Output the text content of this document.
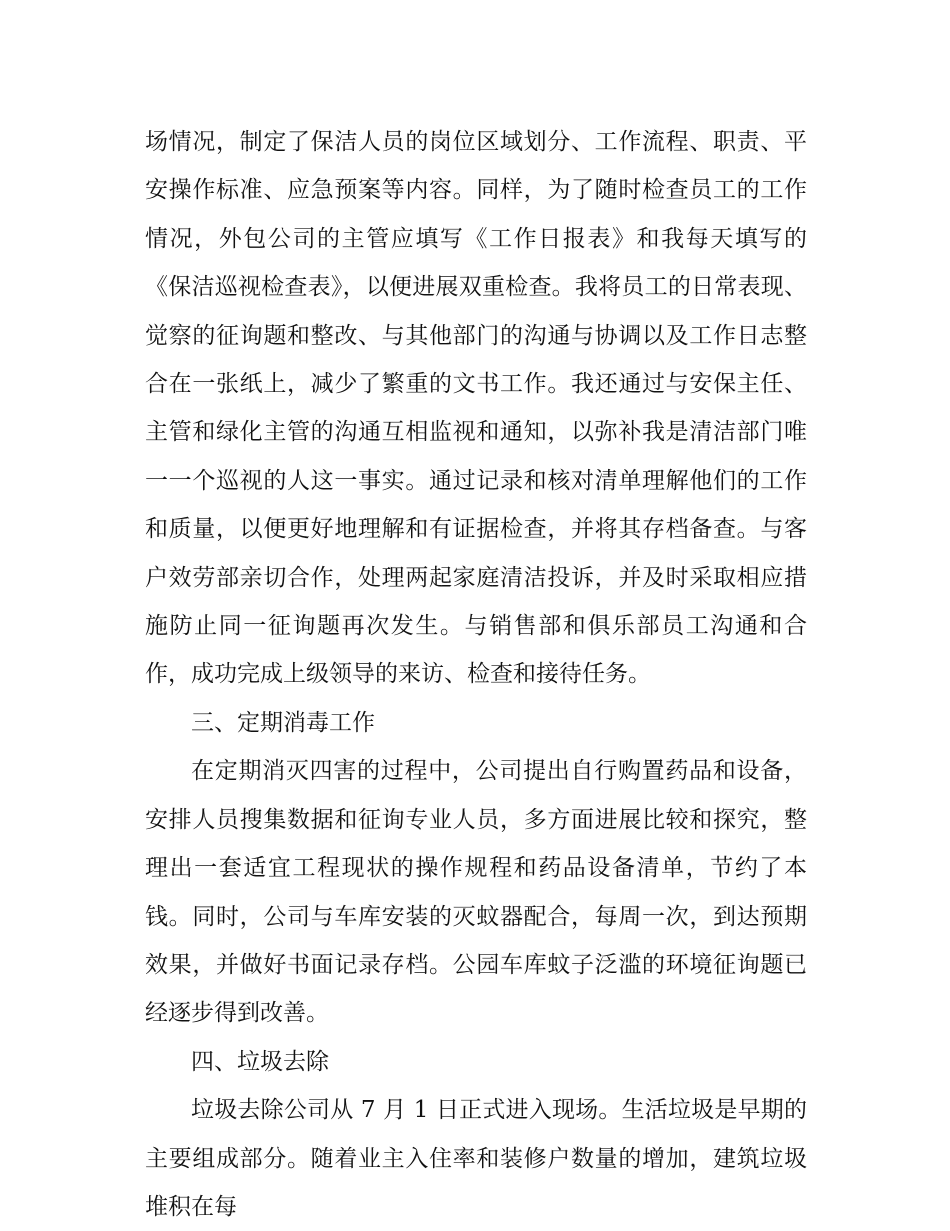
场情况，制定了保洁人员的岗位区域划分、工作流程、职责、平安操作标准、应急预案等内容。同样，为了随时检查员工的工作情况，外包公司的主管应填写《工作日报表》和我每天填写的《保洁巡视检查表》，以便进展双重检查。我将员工的日常表现、觉察的征询题和整改、与其他部门的沟通与协调以及工作日志整合在一张纸上，减少了繁重的文书工作。我还通过与安保主任、主管和绿化主管的沟通互相监视和通知，以弥补我是清洁部门唯一一个巡视的人这一事实。通过记录和核对清单理解他们的工作和质量，以便更好地理解和有证据检查，并将其存档备查。与客户效劳部亲切合作，处理两起家庭清洁投诉，并及时采取相应措施防止同一征询题再次发生。与销售部和俱乐部员工沟通和合作，成功完成上级领导的来访、检查和接待任务。

三、定期消毒工作

在定期消灭四害的过程中，公司提出自行购置药品和设备，安排人员搜集数据和征询专业人员，多方面进展比较和探究，整理出一套适宜工程现状的操作规程和药品设备清单，节约了本钱。同时，公司与车库安装的灭蚊器配合，每周一次，到达预期效果，并做好书面记录存档。公园车库蚊子泛滥的环境征询题已经逐步得到改善。

四、垃圾去除

垃圾去除公司从 7 月 1 日正式进入现场。生活垃圾是早期的主要组成部分。随着业主入住率和装修户数量的增加，建筑垃圾堆积在每
